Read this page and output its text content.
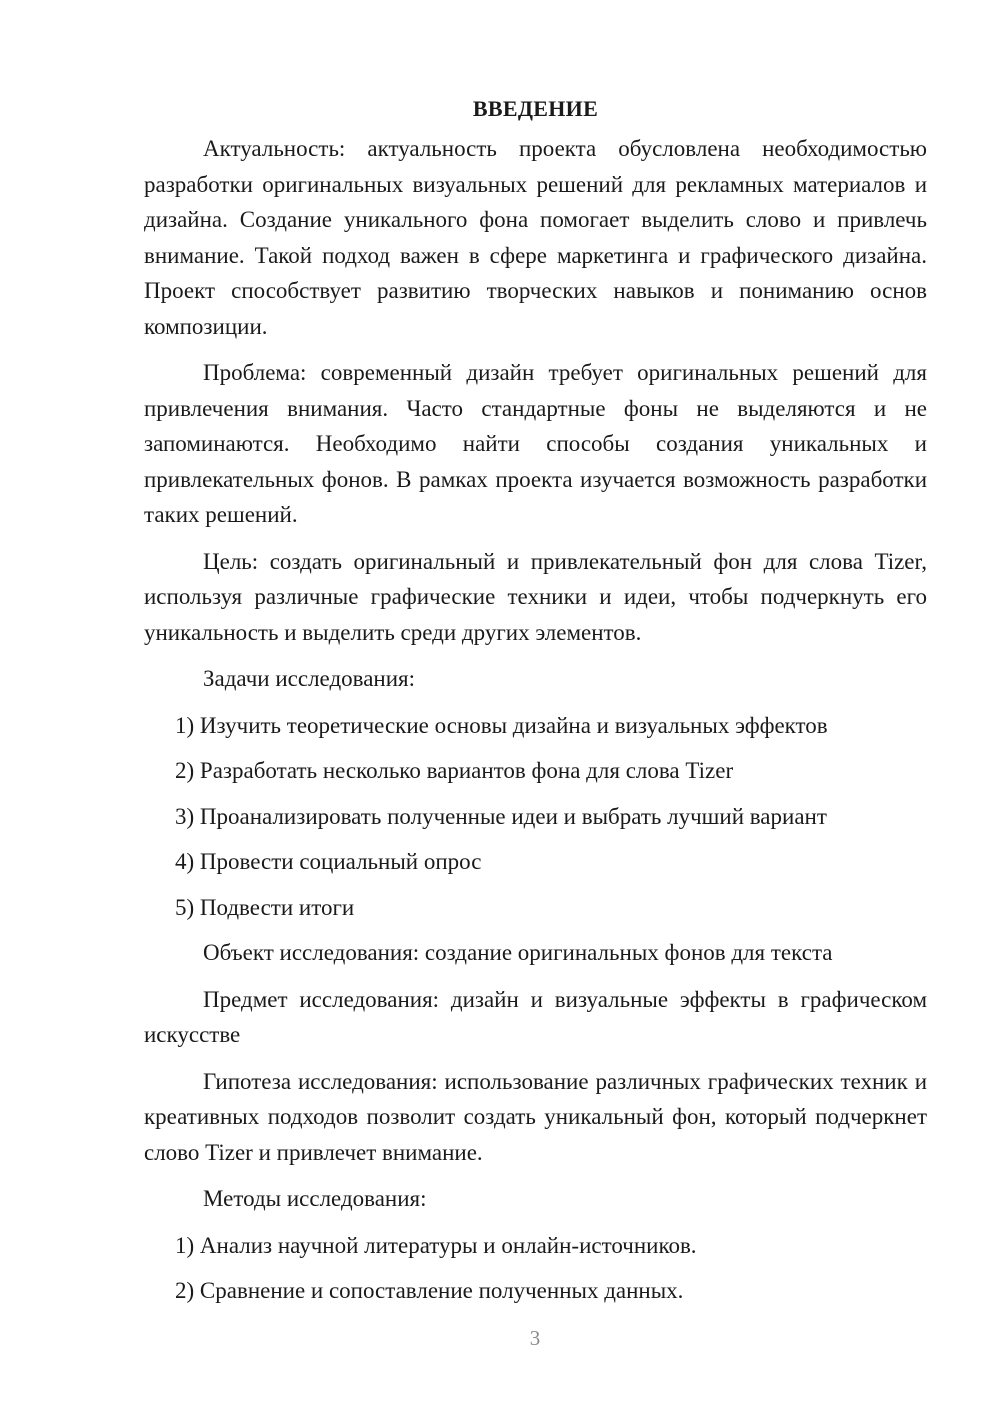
ВВЕДЕНИЕ

Актуальность: актуальность проекта обусловлена необходимостью разработки оригинальных визуальных решений для рекламных материалов и дизайна. Создание уникального фона помогает выделить слово и привлечь внимание. Такой подход важен в сфере маркетинга и графического дизайна. Проект способствует развитию творческих навыков и пониманию основ композиции.

Проблема: современный дизайн требует оригинальных решений для привлечения внимания. Часто стандартные фоны не выделяются и не запоминаются. Необходимо найти способы создания уникальных и привлекательных фонов. В рамках проекта изучается возможность разработки таких решений.

Цель: создать оригинальный и привлекательный фон для слова Tizer, используя различные графические техники и идеи, чтобы подчеркнуть его уникальность и выделить среди других элементов.

Задачи исследования:

1) Изучить теоретические основы дизайна и визуальных эффектов

2) Разработать несколько вариантов фона для слова Tizer

3) Проанализировать полученные идеи и выбрать лучший вариант

4) Провести социальный опрос

5) Подвести итоги

Объект исследования: создание оригинальных фонов для текста

Предмет исследования: дизайн и визуальные эффекты в графическом искусстве

Гипотеза исследования: использование различных графических техник и креативных подходов позволит создать уникальный фон, который подчеркнет слово Tizer и привлечет внимание.

Методы исследования:

1) Анализ научной литературы и онлайн-источников.

2) Сравнение и сопоставление полученных данных.

3
